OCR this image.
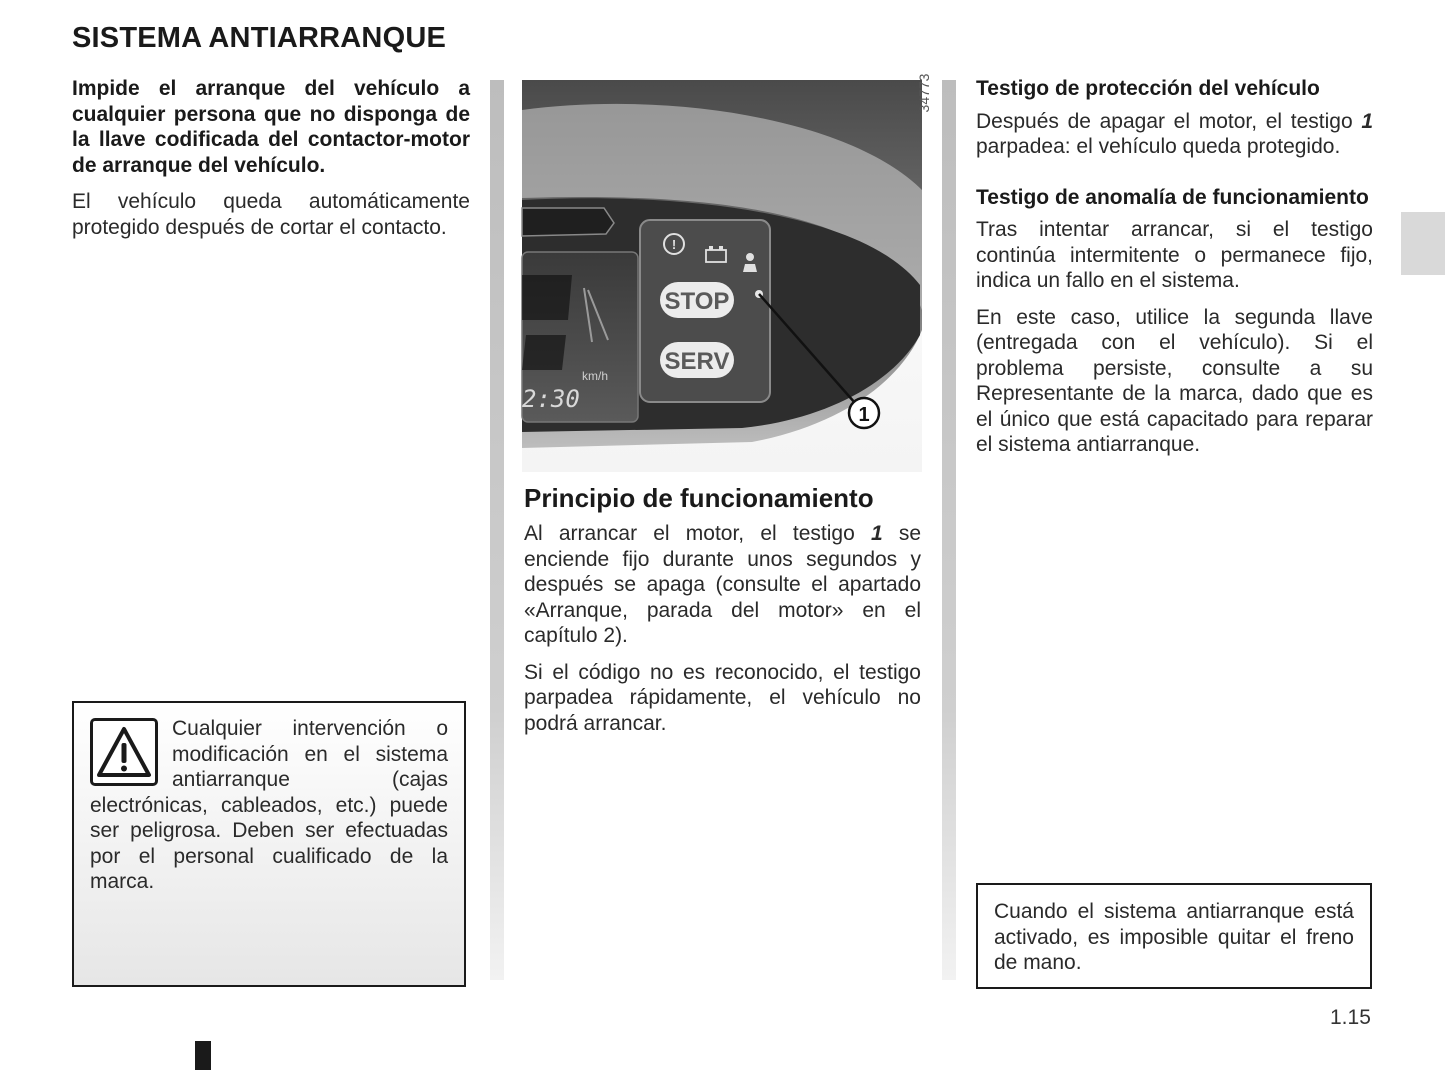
SISTEMA ANTIARRANQUE

Impide el arranque del vehículo a cualquier persona que no disponga de la llave codificada del contactor-motor de arranque del vehículo.

El vehículo queda automáticamente protegido después de cortar el contacto.

Cualquier intervención o modificación en el sistema antiarranque (cajas electrónicas, cableados, etc.) puede ser peligrosa. Deben ser efectuadas por el personal cualificado de la marca.

km/h
2:30
!
STOP
SERV
1
34773
Principio de funcionamiento

Al arrancar el motor, el testigo 1 se enciende fijo durante unos segundos y después se apaga (consulte el apartado «Arranque, parada del motor» en el capítulo 2).

Si el código no es reconocido, el testigo parpadea rápidamente, el vehículo no podrá arrancar.

Testigo de protección del vehículo

Después de apagar el motor, el testigo 1 parpadea: el vehículo queda protegido.

Testigo de anomalía de funcionamiento

Tras intentar arrancar, si el testigo continúa intermitente o permanece fijo, indica un fallo en el sistema.

En este caso, utilice la segunda llave (entregada con el vehículo). Si el problema persiste, consulte a su Representante de la marca, dado que es el único que está capacitado para reparar el sistema antiarranque.

Cuando el sistema antiarranque está activado, es imposible quitar el freno de mano.

1.15
